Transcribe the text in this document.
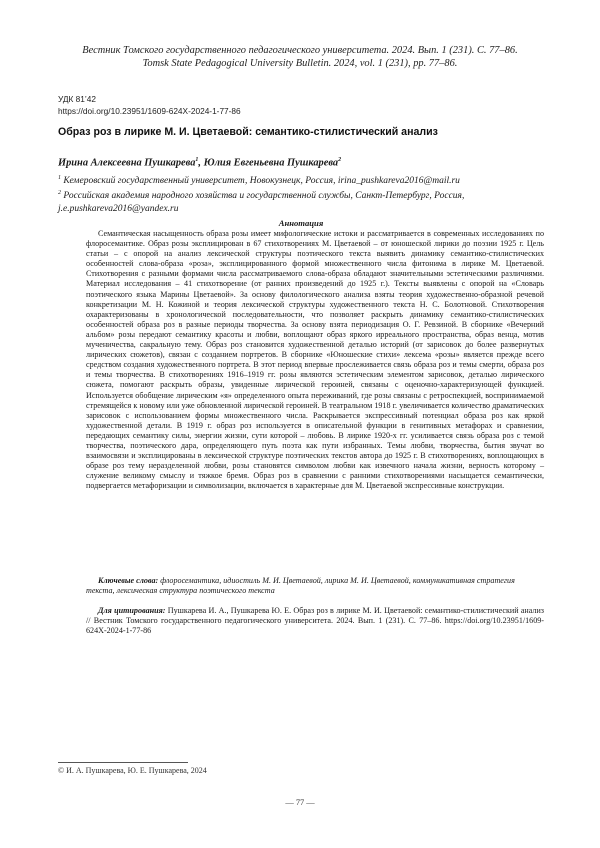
Вестник Томского государственного педагогического университета. 2024. Вып. 1 (231). С. 77–86.
Tomsk State Pedagogical University Bulletin. 2024, vol. 1 (231), pp. 77–86.
УДК 81’42
https://doi.org/10.23951/1609-624X-2024-1-77-86
Образ роз в лирике М. И. Цветаевой: семантико-стилистический анализ
Ирина Алексеевна Пушкарева$^1$, Юлия Евгеньевна Пушкарева$^2$
$^1$ Кемеровский государственный университет, Новокузнецк, Россия, irina_pushkareva2016@mail.ru
$^2$ Российская академия народного хозяйства и государственной службы, Санкт-Петербург, Россия,
j.e.pushkareva2016@yandex.ru
Аннотация

Семантическая насыщенность образа розы имеет мифологические истоки и рассматривается в современных исследованиях по флоросемантике. Образ розы эксплицирован в 67 стихотворениях М. Цветаевой – от юношеской лирики до поэзии 1925 г. Цель статьи – с опорой на анализ лексической структуры поэтического текста выявить динамику семантико-стилистических особенностей слова-образа «роза», эксплицированного формой множественного числа фитонима в лирике М. Цветаевой. Стихотворения с разными формами числа рассматриваемого слова-образа обладают значительными эстетическими различиями. Материал исследования – 41 стихотворение (от ранних произведений до 1925 г.). Тексты выявлены с опорой на «Словарь поэтического языка Марины Цветаевой». За основу филологического анализа взяты теория художественно-образной речевой конкретизации М. Н. Кожиной и теория лексической структуры художественного текста Н. С. Болотновой. Стихотворения охарактеризованы в хронологической последовательности, что позволяет раскрыть динамику семантико-стилистических особенностей образа роз в разные периоды творчества. За основу взята периодизация О. Г. Ревзиной. В сборнике «Вечерний альбом» розы передают семантику красоты и любви, воплощают образ яркого ирреального пространства, образ венца, мотив мученичества, сакральную тему. Образ роз становится художественной деталью историй (от зарисовок до более развернутых лирических сюжетов), связан с созданием портретов. В сборнике «Юношеские стихи» лексема «розы» является прежде всего средством создания художественного портрета. В этот период впервые прослеживается связь образа роз и темы смерти, образа роз и темы творчества. В стихотворениях 1916–1919 гг. розы являются эстетическим элементом зарисовок, деталью лирического сюжета, помогают раскрыть образы, увиденные лирической героиней, связаны с оценочно-характеризующей функцией. Используется обобщение лирическим «я» определенного опыта переживаний, где розы связаны с ретроспекцией, воспринимаемой стремящейся к новому или уже обновленной лирической героиней. В театральном 1918 г. увеличивается количество драматических зарисовок с использованием формы множественного числа. Раскрывается экспрессивный потенциал образа роз как яркой художественной детали. В 1919 г. образ роз используется в описательной функции в генитивных метафорах и сравнении, передающих семантику силы, энергии жизни, сути которой – любовь. В лирике 1920-х гг. усиливается связь образа роз с темой творчества, поэтического дара, определяющего путь поэта как пути избранных. Темы любви, творчества, бытия звучат во взаимосвязи и эксплицированы в лексической структуре поэтических текстов автора до 1925 г. В стихотворениях, воплощающих в образе роз тему неразделенной любви, розы становятся символом любви как извечного начала жизни, верность которому – служение великому смыслу и тяжкое бремя. Образ роз в сравнении с ранними стихотворениями насыщается семантически, подвергается метафоризации и символизации, включается в характерные для М. Цветаевой экспрессивные конструкции.

Ключевые слова: флоросемантика, идиостиль М. И. Цветаевой, лирика М. И. Цветаевой, коммуникативная стратегия текста, лексическая структура поэтического текста

Для цитирования: Пушкарева И. А., Пушкарева Ю. Е. Образ роз в лирике М. И. Цветаевой: семантико-стилистический анализ // Вестник Томского государственного педагогического университета. 2024. Вып. 1 (231). С. 77–86. https://doi.org/10.23951/1609-624X-2024-1-77-86

© И. А. Пушкарева, Ю. Е. Пушкарева, 2024
— 77 —
